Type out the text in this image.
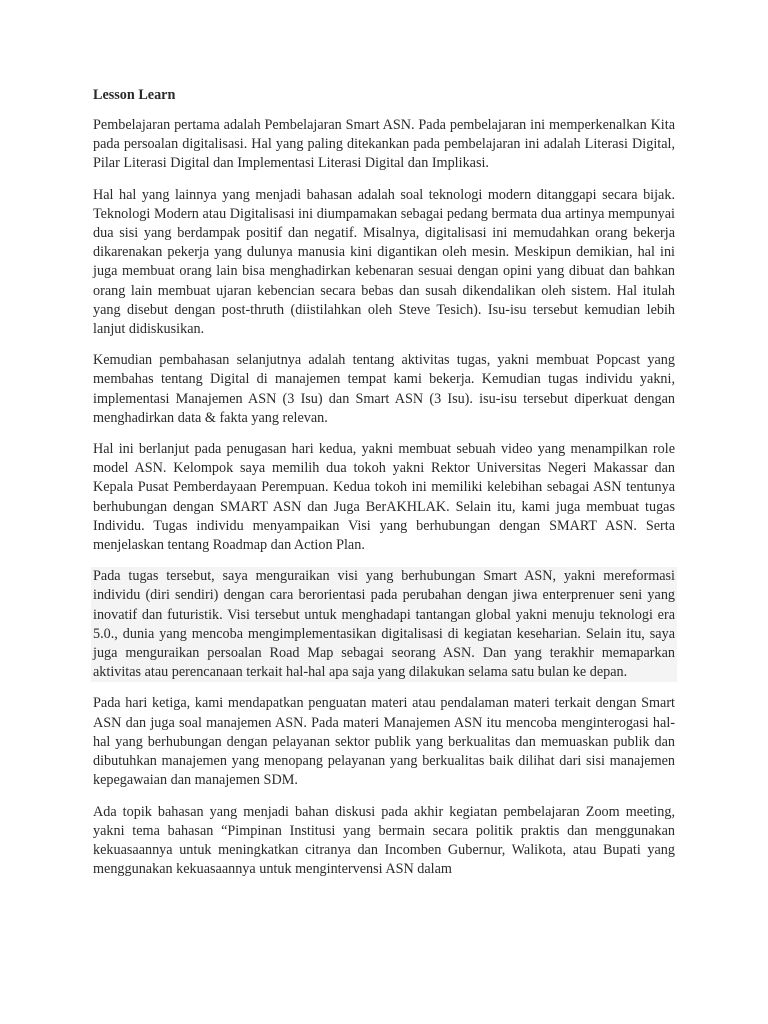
Lesson Learn

Pembelajaran pertama adalah Pembelajaran Smart ASN. Pada pembelajaran ini memperkenalkan Kita pada persoalan digitalisasi. Hal yang paling ditekankan pada pembelajaran ini adalah Literasi Digital, Pilar Literasi Digital dan Implementasi Literasi Digital dan Implikasi.

Hal hal yang lainnya yang menjadi bahasan adalah soal teknologi modern ditanggapi secara bijak. Teknologi Modern atau Digitalisasi ini diumpamakan sebagai pedang bermata dua artinya mempunyai dua sisi yang berdampak positif dan negatif. Misalnya, digitalisasi ini memudahkan orang bekerja dikarenakan pekerja yang dulunya manusia kini digantikan oleh mesin. Meskipun demikian, hal ini juga membuat orang lain bisa menghadirkan kebenaran sesuai dengan opini yang dibuat dan bahkan orang lain membuat ujaran kebencian secara bebas dan susah dikendalikan oleh sistem. Hal itulah yang disebut dengan post-thruth (diistilahkan oleh Steve Tesich). Isu-isu tersebut kemudian lebih lanjut didiskusikan.

Kemudian pembahasan selanjutnya adalah tentang aktivitas tugas, yakni membuat Popcast yang membahas tentang Digital di manajemen tempat kami bekerja. Kemudian tugas individu yakni, implementasi Manajemen ASN (3 Isu) dan Smart ASN (3 Isu). isu-isu tersebut diperkuat dengan menghadirkan data & fakta yang relevan.

Hal ini berlanjut pada penugasan hari kedua, yakni membuat sebuah video yang menampilkan role model ASN. Kelompok saya memilih dua tokoh yakni Rektor Universitas Negeri Makassar dan Kepala Pusat Pemberdayaan Perempuan. Kedua tokoh ini memiliki kelebihan sebagai ASN tentunya berhubungan dengan SMART ASN dan Juga BerAKHLAK. Selain itu, kami juga membuat tugas Individu. Tugas individu menyampaikan Visi yang berhubungan dengan SMART ASN. Serta menjelaskan tentang Roadmap dan Action Plan.

Pada tugas tersebut, saya menguraikan visi yang berhubungan Smart ASN, yakni mereformasi individu (diri sendiri) dengan cara berorientasi pada perubahan dengan jiwa enterprenuer seni yang inovatif dan futuristik. Visi tersebut untuk menghadapi tantangan global yakni menuju teknologi era 5.0., dunia yang mencoba mengimplementasikan digitalisasi di kegiatan keseharian. Selain itu, saya juga menguraikan persoalan Road Map sebagai seorang ASN. Dan yang terakhir memaparkan aktivitas atau perencanaan terkait hal-hal apa saja yang dilakukan selama satu bulan ke depan.

Pada hari ketiga, kami mendapatkan penguatan materi atau pendalaman materi terkait dengan Smart ASN dan juga soal manajemen ASN. Pada materi Manajemen ASN itu mencoba menginterogasi hal-hal yang berhubungan dengan pelayanan sektor publik yang berkualitas dan memuaskan publik dan dibutuhkan manajemen yang menopang pelayanan yang berkualitas baik dilihat dari sisi manajemen kepegawaian dan manajemen SDM.

Ada topik bahasan yang menjadi bahan diskusi pada akhir kegiatan pembelajaran Zoom meeting, yakni tema bahasan “Pimpinan Institusi yang bermain secara politik praktis dan menggunakan kekuasaannya untuk meningkatkan citranya dan Incomben Gubernur, Walikota, atau Bupati yang menggunakan kekuasaannya untuk mengintervensi ASN dalam
